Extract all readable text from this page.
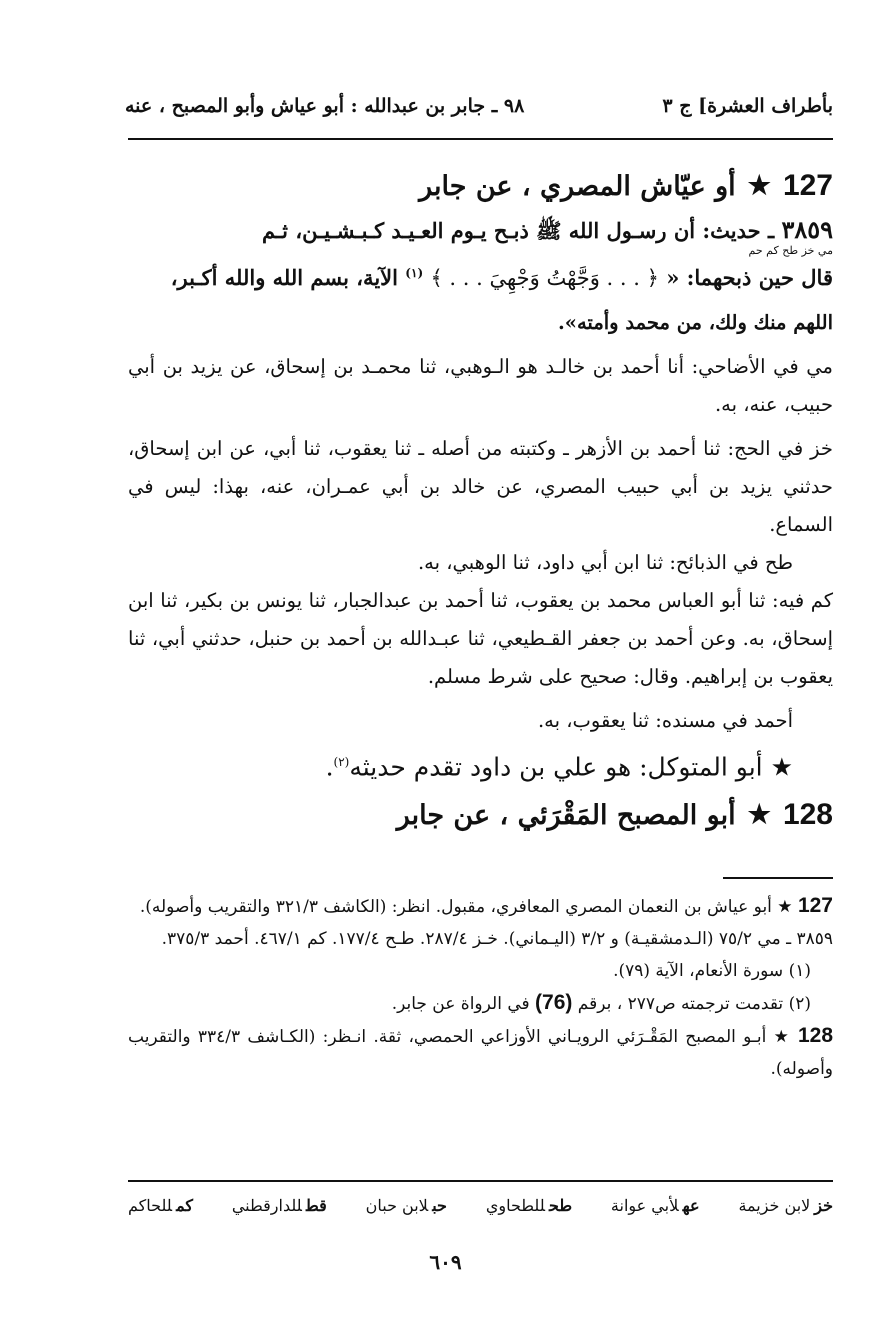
بأطراف العشرة] ج ٣
٩٨ ـ جابر بن عبدالله : أبو عياش وأبو المصبح ، عنه
127
★
أو عيّاش المصري ، عن جابر
٣٨٥٩ ـ حديث: أن رسـول الله ﷺ ذبـح يـوم العـيـد كـبـشـيـن، ثـم
مي خز طح كم حم
قال حين ذبحهما: « ﴿ . . . وَجَّهْتُ وَجْهِيَ . . . ﴾ $^{(١)}$ الآية، بسم الله والله أكـبر،

اللهم منك ولك، من محمد وأمته».

مي في الأضاحي: أنا أحمد بن خالـد هو الـوهبي، ثنا محمـد بن إسحاق، عن يزيد بن أبي حبيب، عنه، به.

خز في الحج: ثنا أحمد بن الأزهر ـ وكتبته من أصله ـ ثنا يعقوب، ثنا أبي، عن ابن إسحاق، حدثني يزيد بن أبي حبيب المصري، عن خالد بن أبي عمـران، عنه، بهذا: ليس في السماع.

طح في الذبائح: ثنا ابن أبي داود، ثنا الوهبي، به.

كم فيه: ثنا أبو العباس محمد بن يعقوب، ثنا أحمد بن عبدالجبار، ثنا يونس بن بكير، ثنا ابن إسحاق، به. وعن أحمد بن جعفر القـطيعي، ثنا عبـدالله بن أحمد بن حنبل، حدثني أبي، ثنا يعقوب بن إبراهيم. وقال: صحيح على شرط مسلم.

أحمد في مسنده: ثنا يعقوب، به.
★ أبو المتوكل: هو علي بن داود تقدم حديثه$^{(٢)}$.
128
★
أبو المصبح المَقْرَئي ، عن جابر

127 ★ أبو عياش بن النعمان المصري المعافري، مقبول. انظر: (الكاشف ٣٢١/٣ والتقريب وأصوله).

٣٨٥٩ ـ مي ٧٥/٢ (الـدمشقيـة) و ٣/٢ (اليـماني). خـز ٢٨٧/٤. طـح ١٧٧/٤. كم ٤٦٧/١. أحمد ٣٧٥/٣.

(١) سورة الأنعام، الآية (٧٩).

(٢) تقدمت ترجمته ص٢٧٧ ، برقم (76) في الرواة عن جابر.

128 ★ أبـو المصبح المَقْـرَئي الرويـاني الأوزاعي الحمصي، ثقة. انـظر: (الكـاشف ٣٣٤/٣ والتقريب وأصوله).

خزلابن خزيمة
عهلأبي عوانة
طحللطحاوي
حبلابن حبان
قطللدارقطني
كمللحاكم
٦٠٩
